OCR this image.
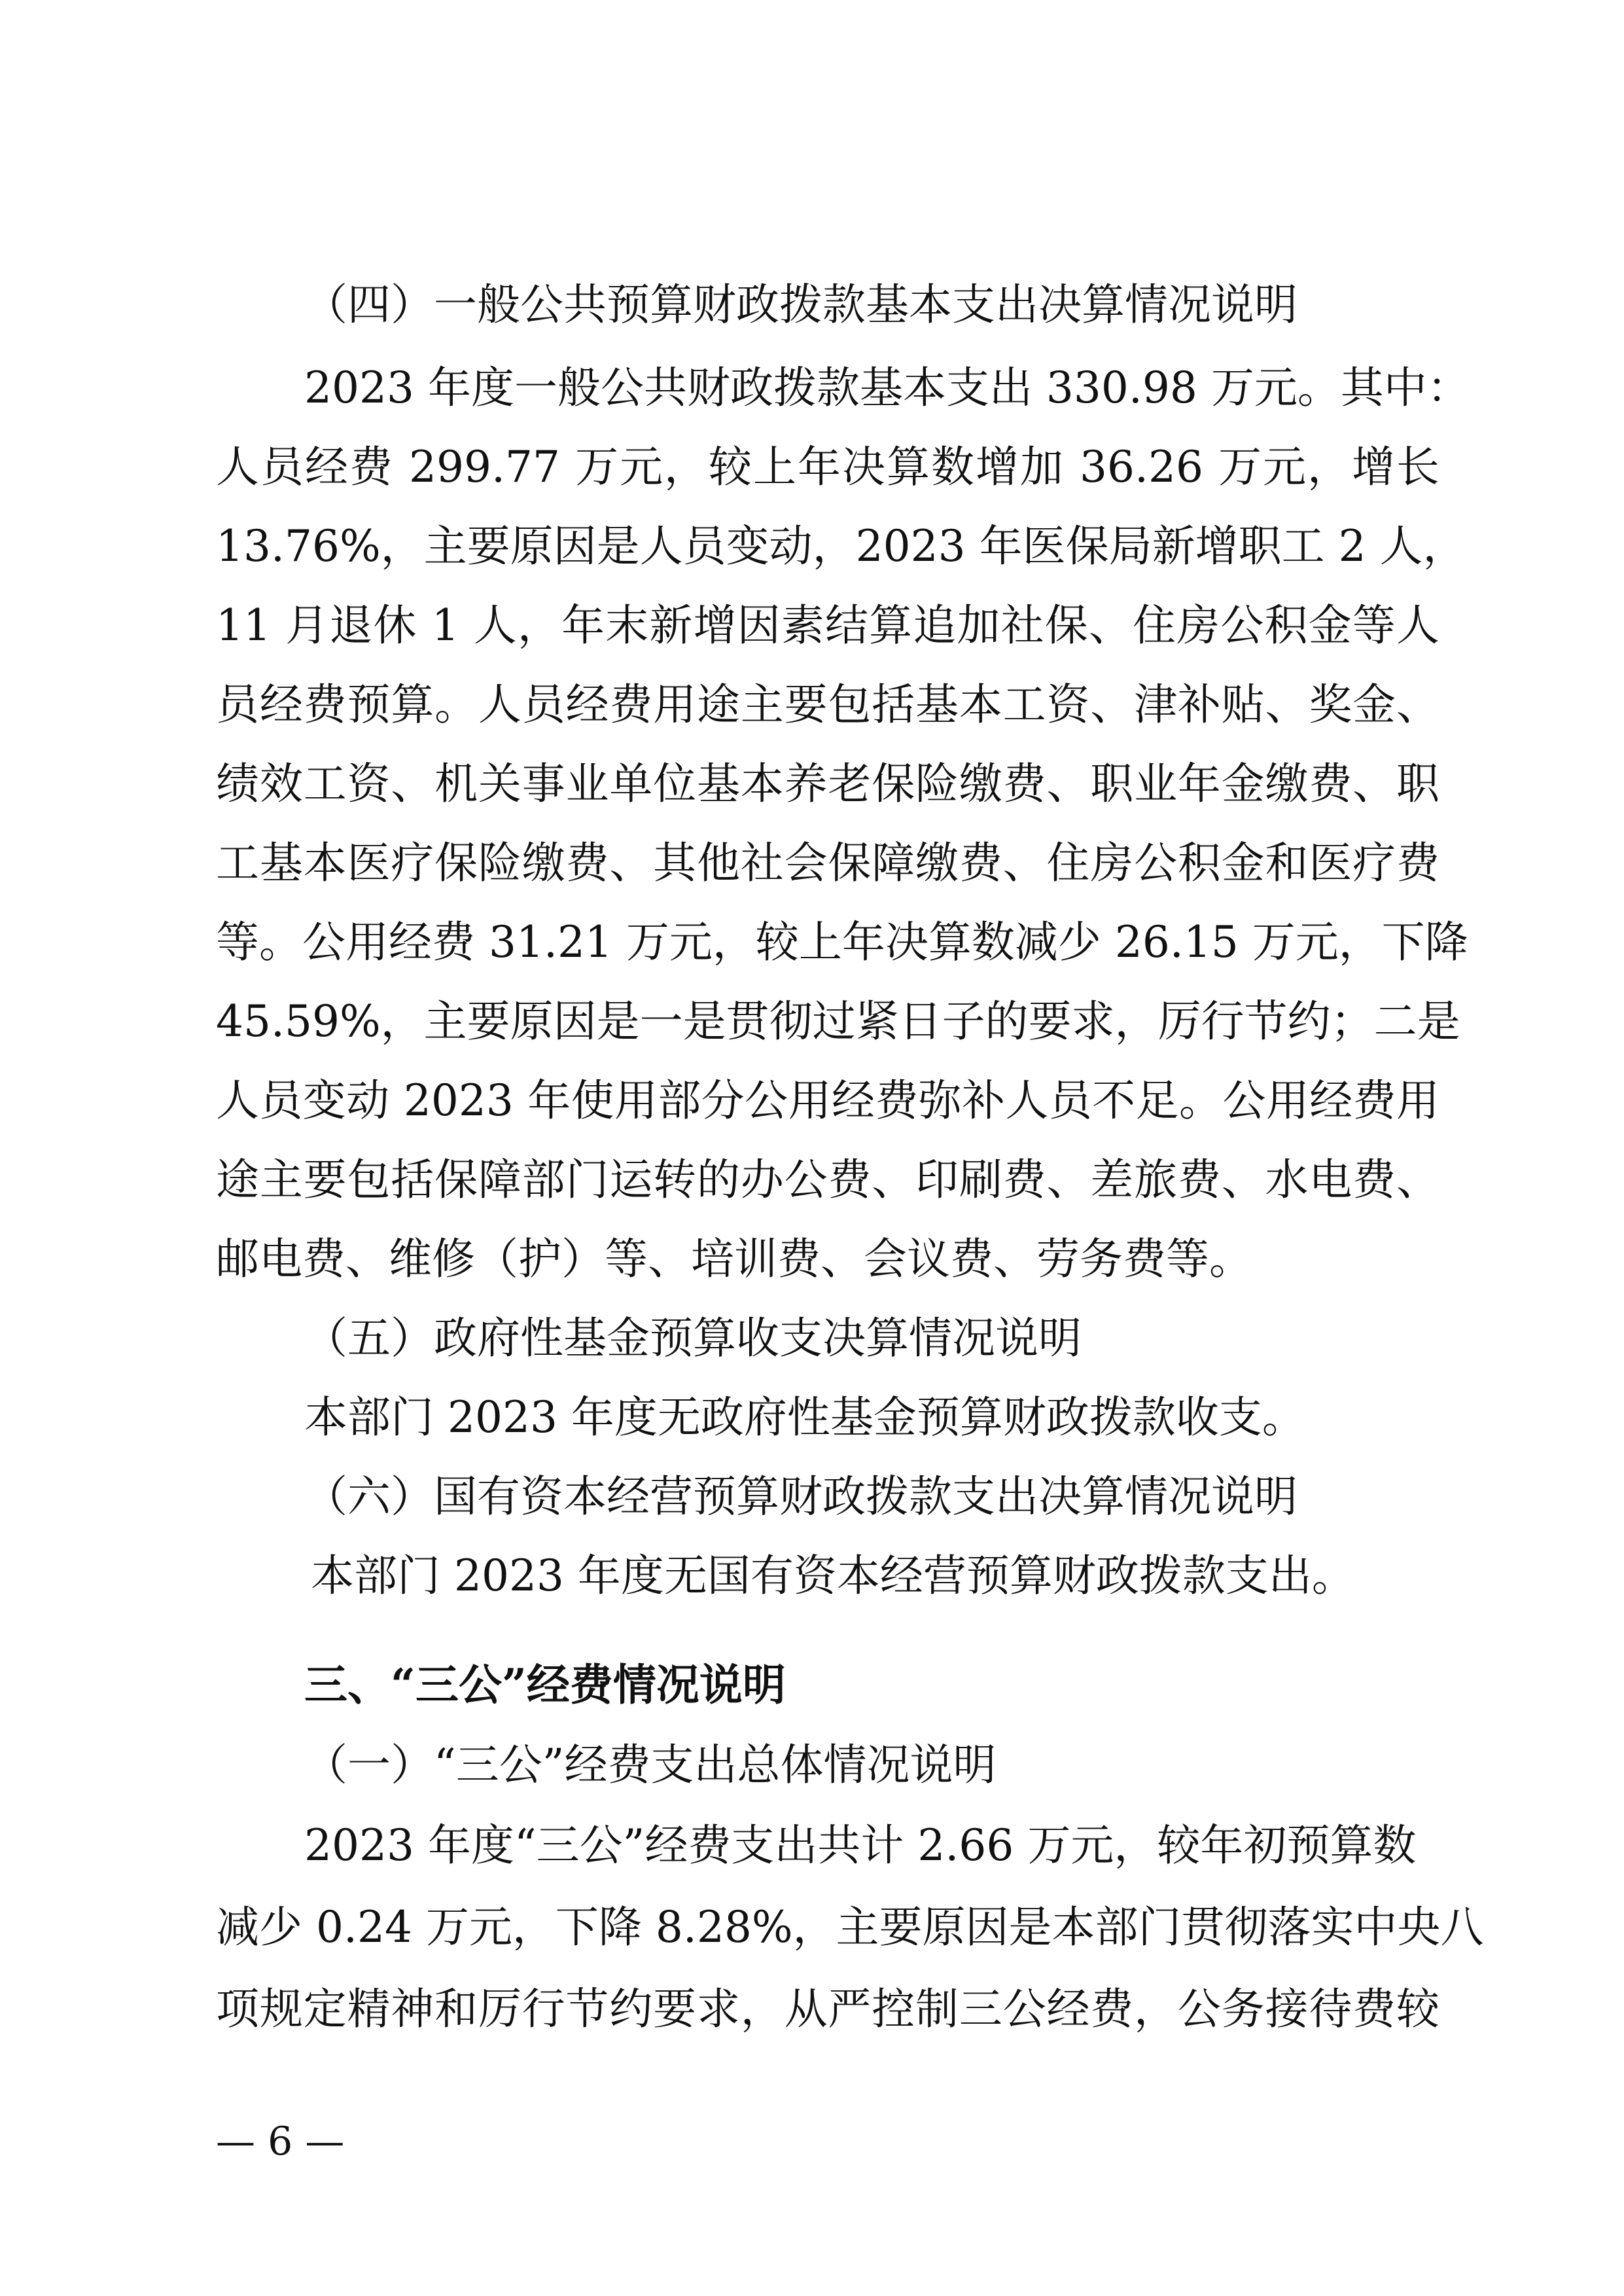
（四）一般公共预算财政拨款基本支出决算情况说明
2023 年度一般公共财政拨款基本支出 330.98 万元。其中：
人员经费 299.77 万元，较上年决算数增加 36.26 万元，增长
13.76%，主要原因是人员变动，2023 年医保局新增职工 2 人，
11 月退休 1 人，年末新增因素结算追加社保、住房公积金等人
员经费预算。人员经费用途主要包括基本工资、津补贴、奖金、
绩效工资、机关事业单位基本养老保险缴费、职业年金缴费、职
工基本医疗保险缴费、其他社会保障缴费、住房公积金和医疗费
等。公用经费 31.21 万元，较上年决算数减少 26.15 万元，下降
45.59%，主要原因是一是贯彻过紧日子的要求，厉行节约；二是
人员变动 2023 年使用部分公用经费弥补人员不足。公用经费用
途主要包括保障部门运转的办公费、印刷费、差旅费、水电费、
邮电费、维修（护）等、培训费、会议费、劳务费等。
（五）政府性基金预算收支决算情况说明
本部门 2023 年度无政府性基金预算财政拨款收支。
（六）国有资本经营预算财政拨款支出决算情况说明
本部门 2023 年度无国有资本经营预算财政拨款支出。
三、“三公”经费情况说明
（一）“三公”经费支出总体情况说明
2023 年度“三公”经费支出共计 2.66 万元，较年初预算数
减少 0.24 万元，下降 8.28%，主要原因是本部门贯彻落实中央八
项规定精神和厉行节约要求，从严控制三公经费，公务接待费较
— 6 —
